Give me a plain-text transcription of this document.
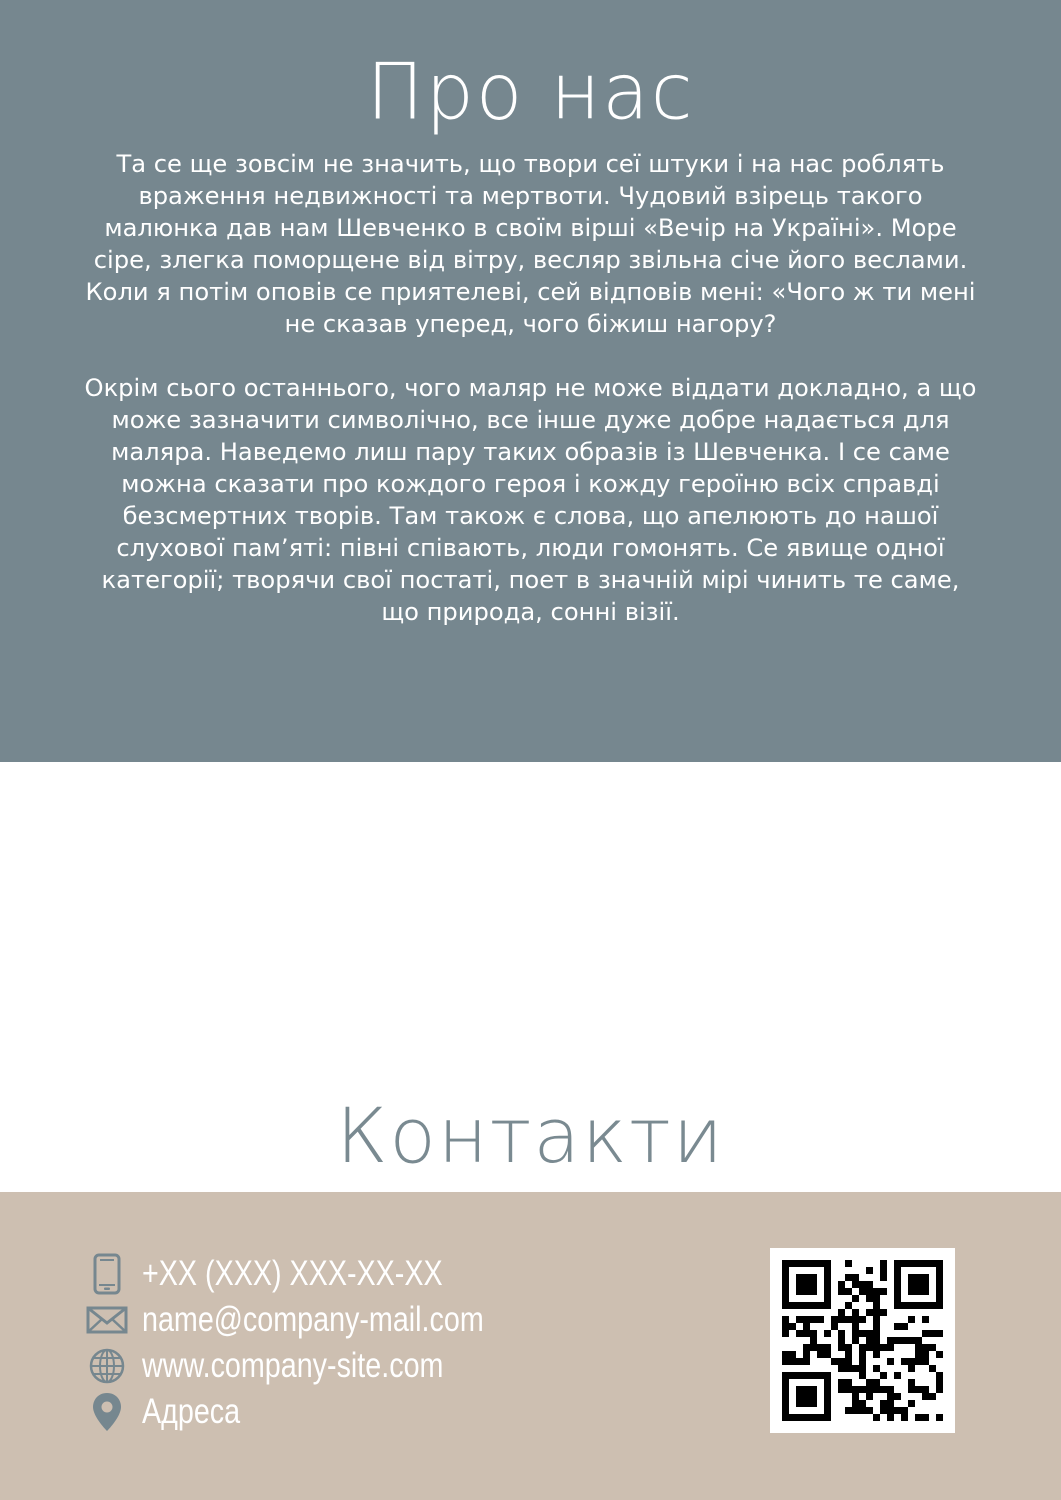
Про нас

Та се ще зовсім не значить, що твори сеї штуки і на нас роблять враження недвижності та мертвоти. Чудовий взірець такого малюнка дав нам Шевченко в своїм вірші «Вечір на Україні». Море сіре, злегка поморщене від вітру, весляр звільна січе його веслами. Коли я потім оповів се приятелеві, сей відповів мені: «Чого ж ти мені не сказав уперед, чого біжиш нагору?

Окрім сього останнього, чого маляр не може віддати докладно, а що може зазначити символічно, все інше дуже добре надається для маляра. Наведемо лиш пару таких образів із Шевченка. І се саме можна сказати про кождого героя і кожду героїню всіх справді безсмертних творів. Там також є слова, що апелюють до нашої слухової пам’яті: півні співають, люди гомонять. Се явище одної категорії; творячи свої постаті, поет в значній мірі чинить те саме, що природа, сонні візії.

Контакти
+XX (XXX) XXX-XX-XX
name@company-mail.com
www.company-site.com
Адреса
